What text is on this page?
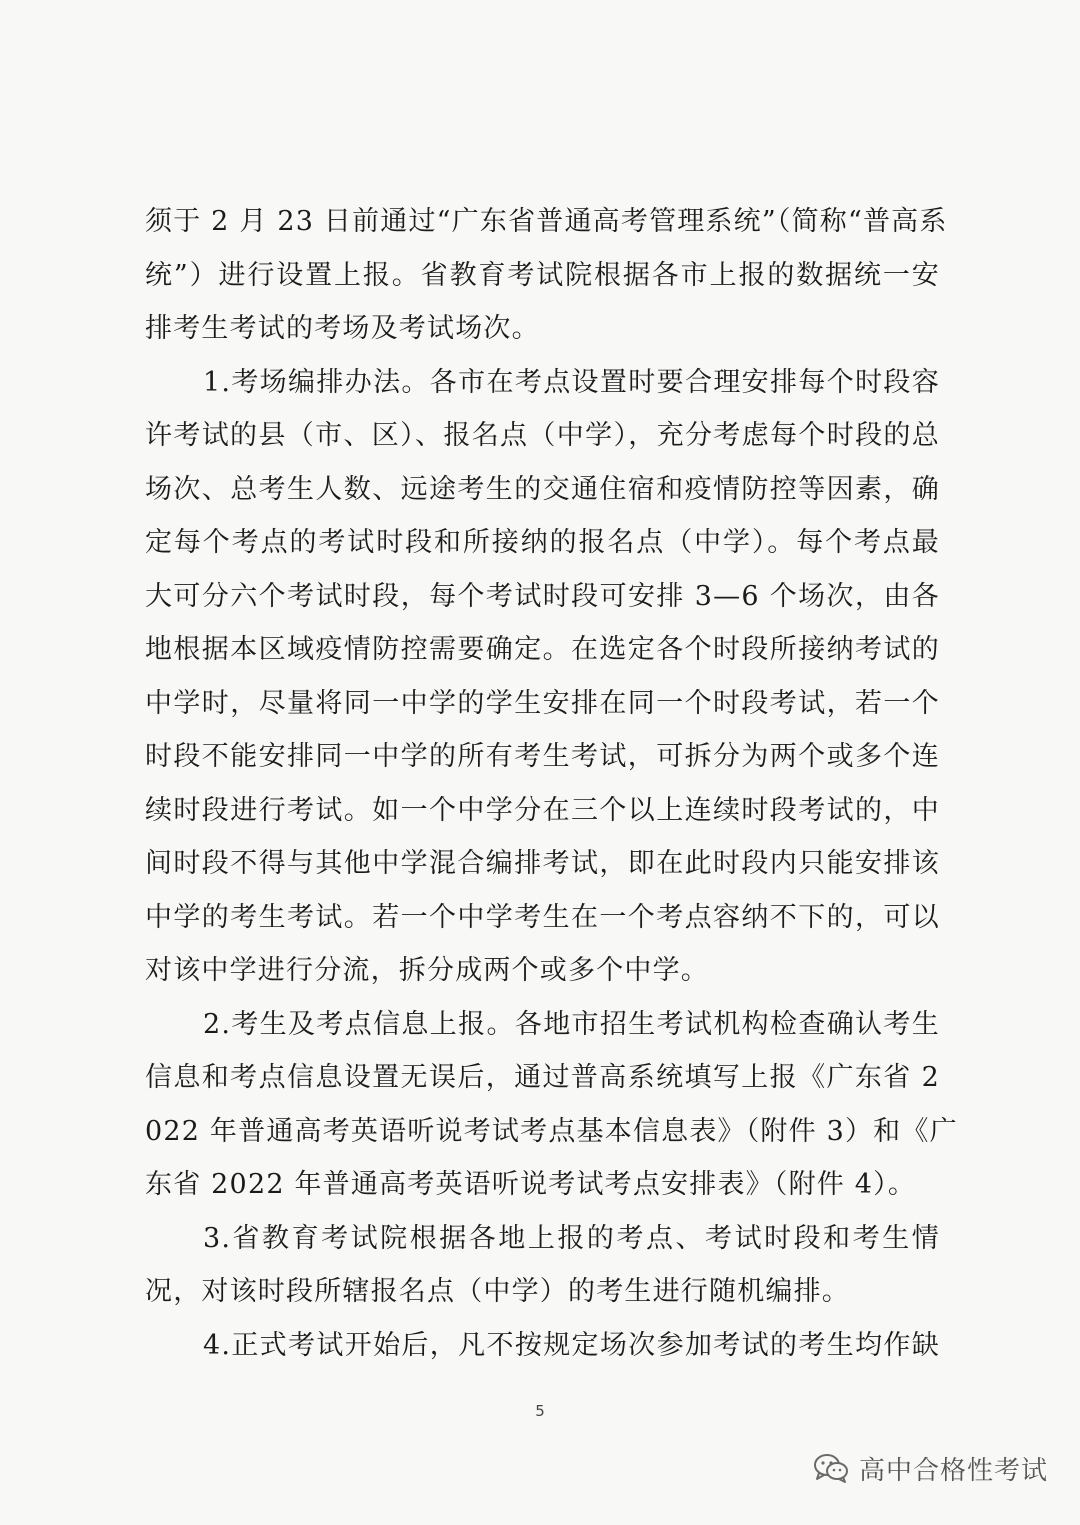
须于 2 月 23 日前通过“广东省普通高考管理系统”（简称“普高系
统”）进行设置上报。省教育考试院根据各市上报的数据统一安
排考生考试的考场及考试场次。
1.考场编排办法。各市在考点设置时要合理安排每个时段容
许考试的县（市、区）、报名点（中学），充分考虑每个时段的总
场次、总考生人数、远途考生的交通住宿和疫情防控等因素，确
定每个考点的考试时段和所接纳的报名点（中学）。每个考点最
大可分六个考试时段，每个考试时段可安排 3—6 个场次，由各
地根据本区域疫情防控需要确定。在选定各个时段所接纳考试的
中学时，尽量将同一中学的学生安排在同一个时段考试，若一个
时段不能安排同一中学的所有考生考试，可拆分为两个或多个连
续时段进行考试。如一个中学分在三个以上连续时段考试的，中
间时段不得与其他中学混合编排考试，即在此时段内只能安排该
中学的考生考试。若一个中学考生在一个考点容纳不下的，可以
对该中学进行分流，拆分成两个或多个中学。
2.考生及考点信息上报。各地市招生考试机构检查确认考生
信息和考点信息设置无误后，通过普高系统填写上报《广东省 2
022 年普通高考英语听说考试考点基本信息表》（附件 3）和《广
东省 2022 年普通高考英语听说考试考点安排表》（附件 4）。
3.省教育考试院根据各地上报的考点、考试时段和考生情
况，对该时段所辖报名点（中学）的考生进行随机编排。
4.正式考试开始后，凡不按规定场次参加考试的考生均作缺
5
高中合格性考试
